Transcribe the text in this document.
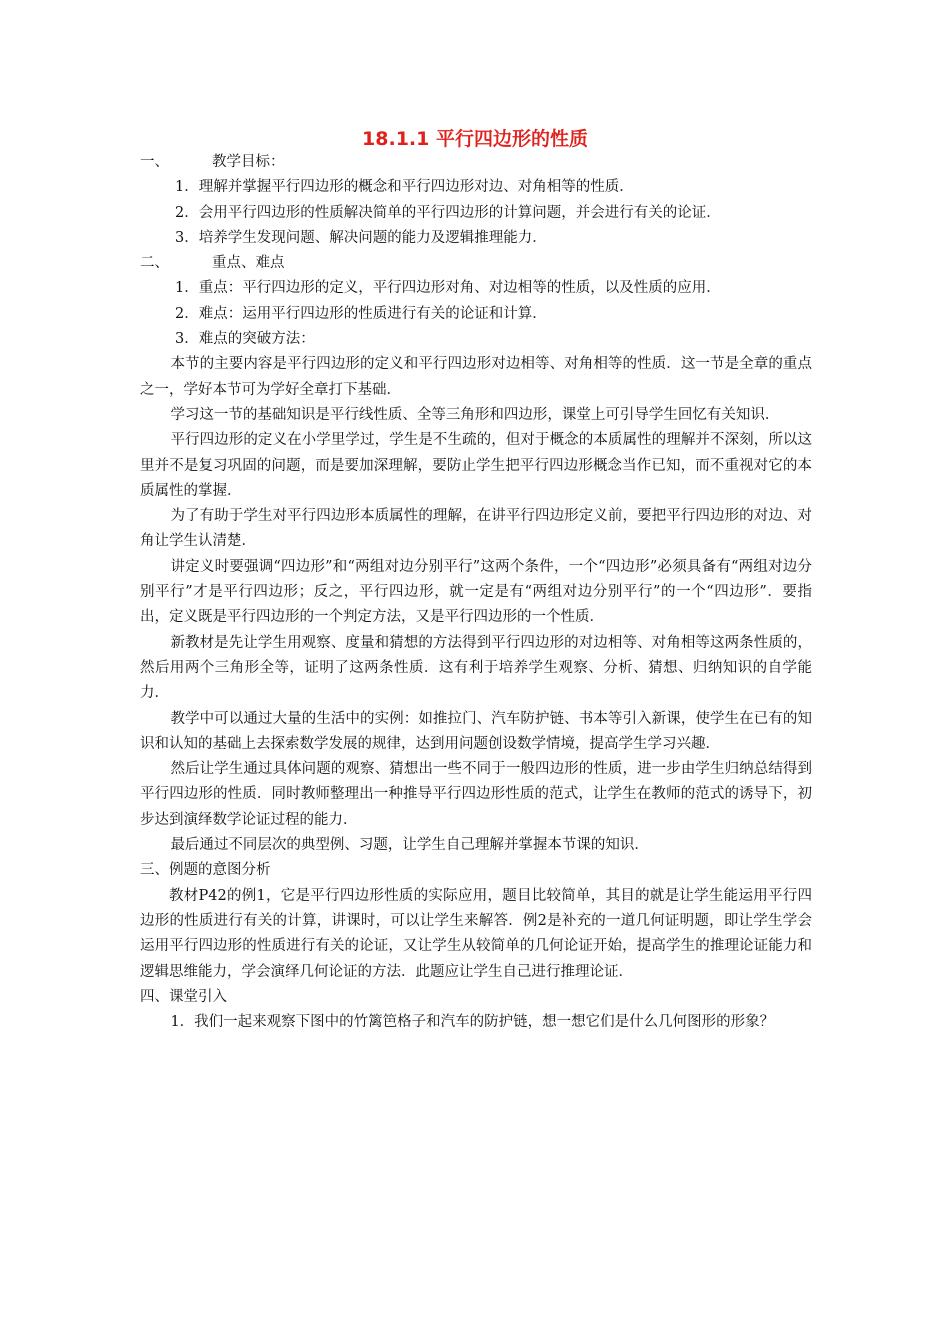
18.1.1 平行四边形的性质
一、	教学目标：
1．理解并掌握平行四边形的概念和平行四边形对边、对角相等的性质．
2．会用平行四边形的性质解决简单的平行四边形的计算问题，并会进行有关的论证．
3．培养学生发现问题、解决问题的能力及逻辑推理能力．
二、	重点、难点
1．重点：平行四边形的定义，平行四边形对角、对边相等的性质，以及性质的应用．
2．难点：运用平行四边形的性质进行有关的论证和计算．
3．难点的突破方法：

本节的主要内容是平行四边形的定义和平行四边形对边相等、对角相等的性质．这一节是全章的重点之一，学好本节可为学好全章打下基础．

学习这一节的基础知识是平行线性质、全等三角形和四边形，课堂上可引导学生回忆有关知识．

平行四边形的定义在小学里学过，学生是不生疏的，但对于概念的本质属性的理解并不深刻，所以这里并不是复习巩固的问题，而是要加深理解，要防止学生把平行四边形概念当作已知，而不重视对它的本质属性的掌握．

为了有助于学生对平行四边形本质属性的理解，在讲平行四边形定义前，要把平行四边形的对边、对角让学生认清楚．

讲定义时要强调“四边形”和“两组对边分别平行”这两个条件，一个“四边形”必须具备有“两组对边分别平行”才是平行四边形；反之，平行四边形，就一定是有“两组对边分别平行”的一个“四边形”．要指出，定义既是平行四边形的一个判定方法，又是平行四边形的一个性质．

新教材是先让学生用观察、度量和猜想的方法得到平行四边形的对边相等、对角相等这两条性质的，然后用两个三角形全等，证明了这两条性质．这有利于培养学生观察、分析、猜想、归纳知识的自学能力．

教学中可以通过大量的生活中的实例：如推拉门、汽车防护链、书本等引入新课，使学生在已有的知识和认知的基础上去探索数学发展的规律，达到用问题创设数学情境，提高学生学习兴趣．

然后让学生通过具体问题的观察、猜想出一些不同于一般四边形的性质，进一步由学生归纳总结得到平行四边形的性质．同时教师整理出一种推导平行四边形性质的范式，让学生在教师的范式的诱导下，初步达到演绎数学论证过程的能力．

最后通过不同层次的典型例、习题，让学生自己理解并掌握本节课的知识．

三、例题的意图分析

教材P42的例1，它是平行四边形性质的实际应用，题目比较简单，其目的就是让学生能运用平行四边形的性质进行有关的计算，讲课时，可以让学生来解答．例2是补充的一道几何证明题，即让学生学会运用平行四边形的性质进行有关的论证，又让学生从较简单的几何论证开始，提高学生的推理论证能力和逻辑思维能力，学会演绎几何论证的方法．此题应让学生自己进行推理论证．

四、课堂引入

1．我们一起来观察下图中的竹篱笆格子和汽车的防护链，想一想它们是什么几何图形的形象？
